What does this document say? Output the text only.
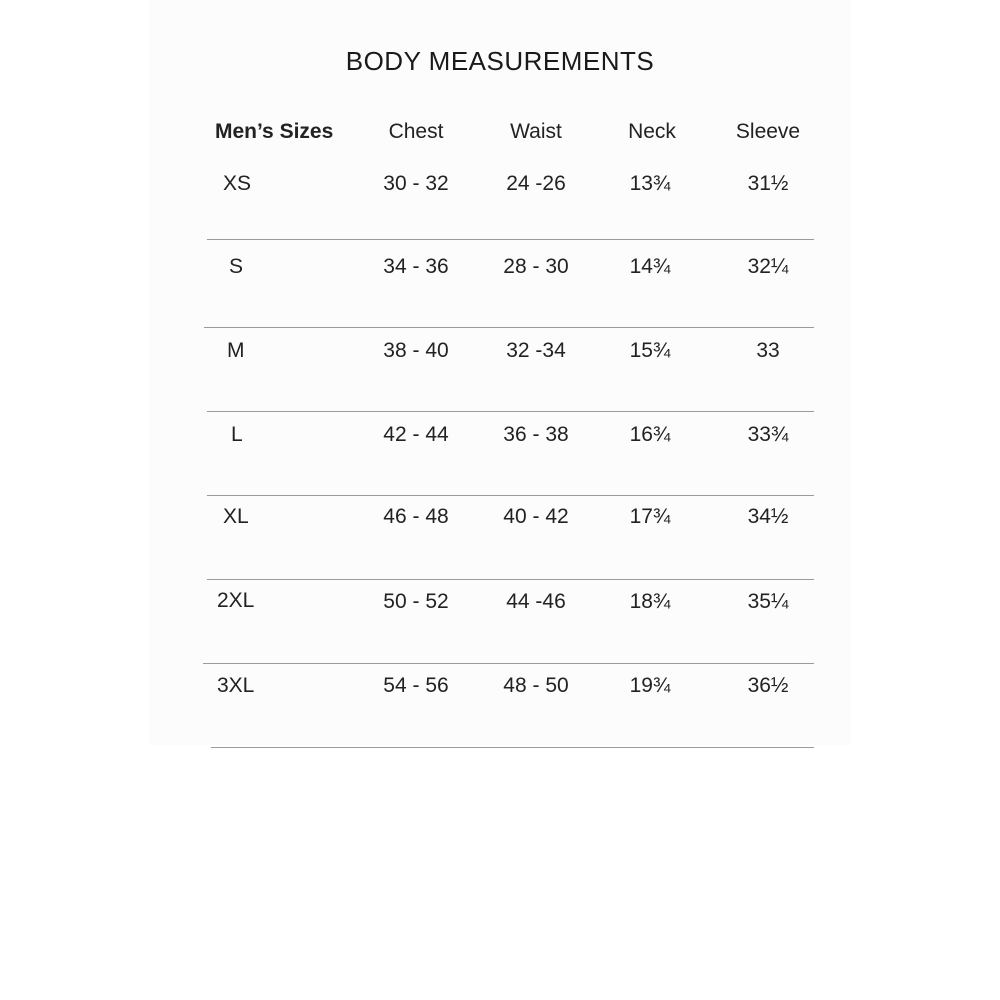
BODY MEASUREMENTS
Men’s Sizes	Chest	Waist	Neck	Sleeve
XS	30 - 32	24 -26	13¾	31½
S	34 - 36	28 - 30	14¾	32¼
M	38 - 40	32 -34	15¾	33
L	42 - 44	36 - 38	16¾	33¾
XL	46 - 48	40 - 42	17¾	34½
2XL	50 - 52	44 -46	18¾	35¼
3XL	54 - 56	48 - 50	19¾	36½
